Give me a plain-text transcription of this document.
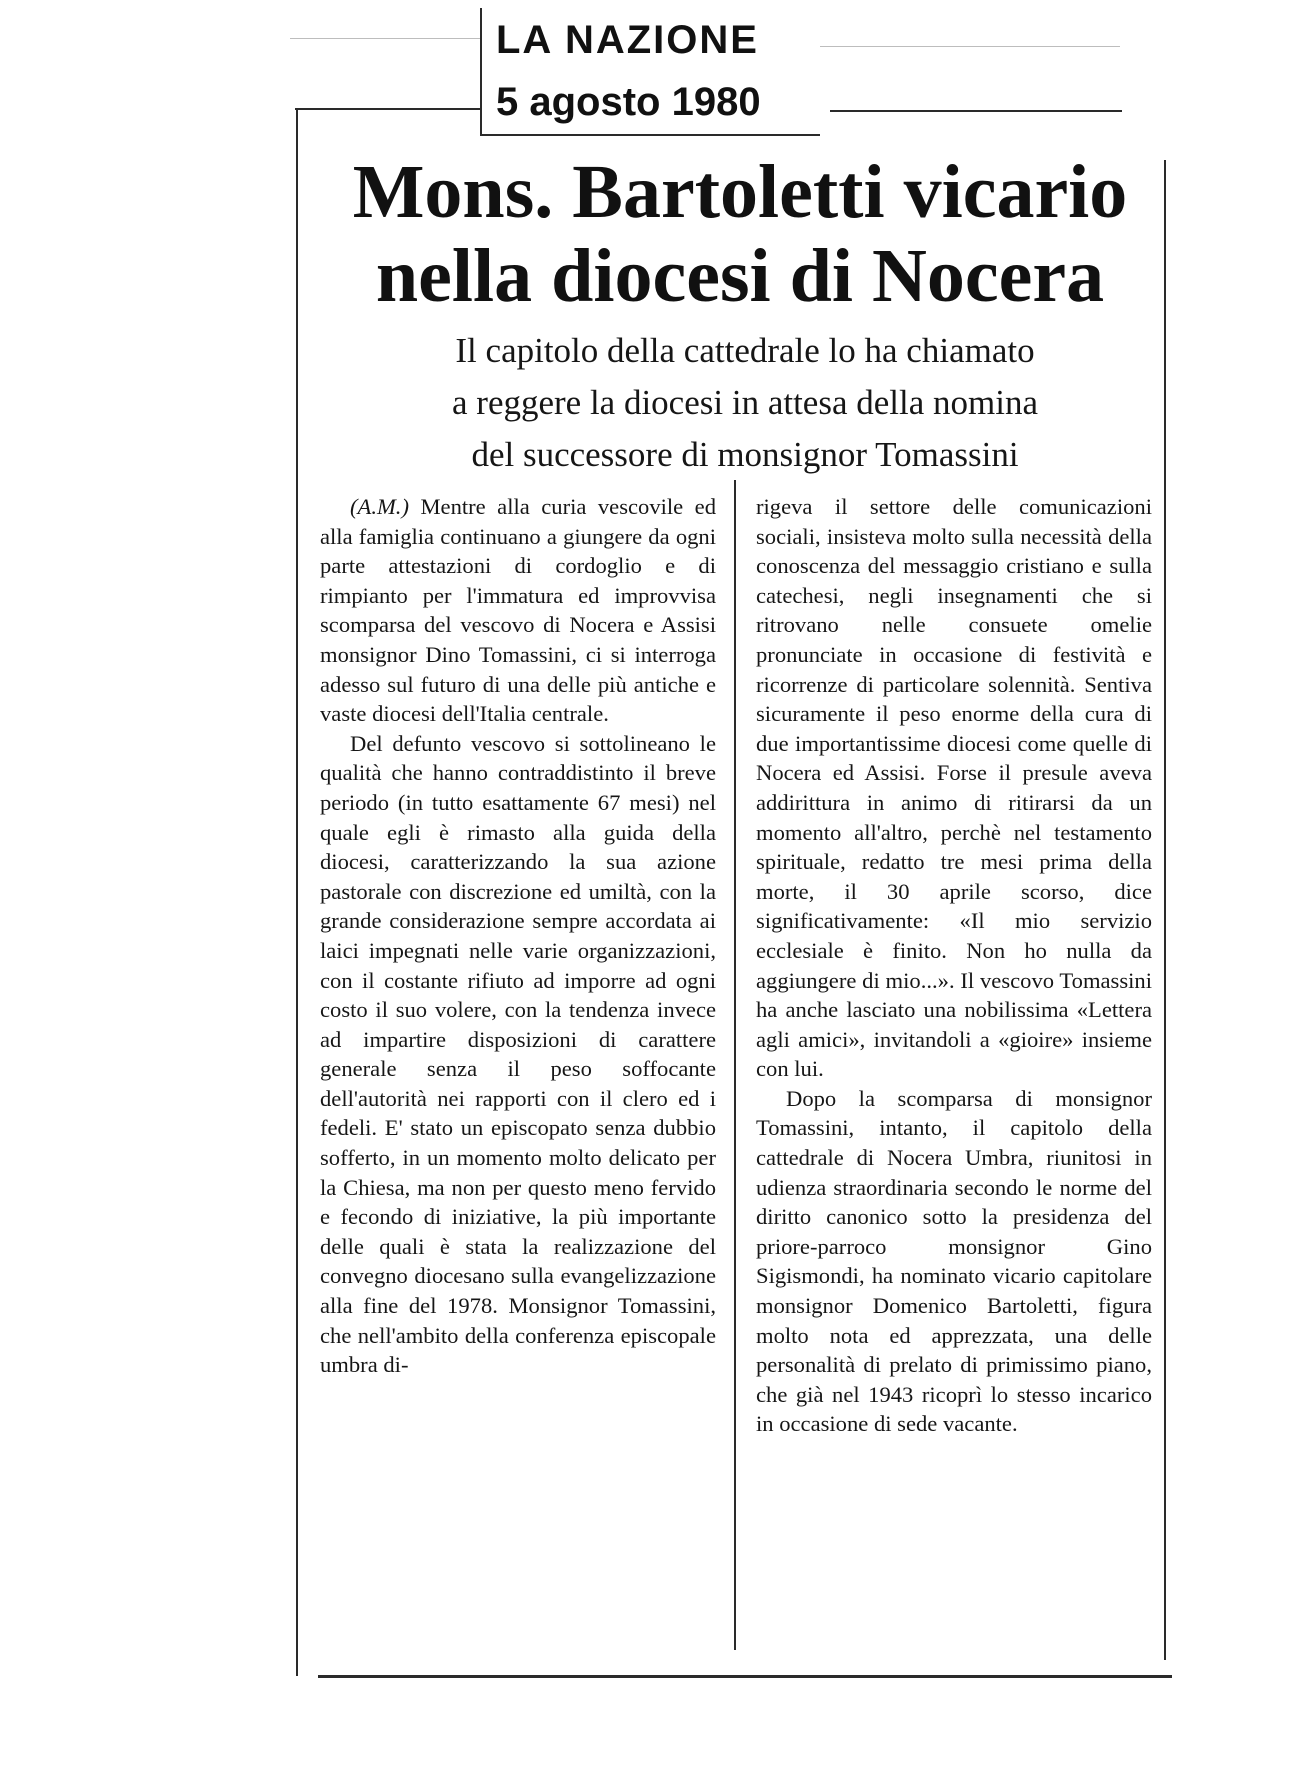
LA NAZIONE
5 agosto 1980
Mons. Bartoletti vicario nella diocesi di Nocera
Il capitolo della cattedrale lo ha chiamato
a reggere la diocesi in attesa della nomina
del successore di monsignor Tomassini

(A.M.) Mentre alla curia vescovile ed alla famiglia continuano a giungere da ogni parte attestazioni di cordoglio e di rimpianto per l'immatura ed improvvisa scomparsa del vescovo di Nocera e Assisi monsignor Dino Tomassini, ci si interroga adesso sul futuro di una delle più antiche e vaste diocesi dell'Italia centrale.

Del defunto vescovo si sottolineano le qualità che hanno contraddistinto il breve periodo (in tutto esattamente 67 mesi) nel quale egli è rimasto alla guida della diocesi, caratterizzando la sua azione pastorale con discrezione ed umiltà, con la grande considerazione sempre accordata ai laici impegnati nelle varie organizzazioni, con il costante rifiuto ad imporre ad ogni costo il suo volere, con la tendenza invece ad impartire disposizioni di carattere generale senza il peso soffocante dell'autorità nei rapporti con il clero ed i fedeli. E' stato un episcopato senza dubbio sofferto, in un momento molto delicato per la Chiesa, ma non per questo meno fervido e fecondo di iniziative, la più importante delle quali è stata la realizzazione del convegno diocesano sulla evangelizzazione alla fine del 1978. Monsignor Tomassini, che nell'ambito della conferenza episcopale umbra di-

rigeva il settore delle comunicazioni sociali, insisteva molto sulla necessità della conoscenza del messaggio cristiano e sulla catechesi, negli insegnamenti che si ritrovano nelle consuete omelie pronunciate in occasione di festività e ricorrenze di particolare solennità. Sentiva sicuramente il peso enorme della cura di due importantissime diocesi come quelle di Nocera ed Assisi. Forse il presule aveva addirittura in animo di ritirarsi da un momento all'altro, perchè nel testamento spirituale, redatto tre mesi prima della morte, il 30 aprile scorso, dice significativamente: «Il mio servizio ecclesiale è finito. Non ho nulla da aggiungere di mio...». Il vescovo Tomassini ha anche lasciato una nobilissima «Lettera agli amici», invitandoli a «gioire» insieme con lui.

Dopo la scomparsa di monsignor Tomassini, intanto, il capitolo della cattedrale di Nocera Umbra, riunitosi in udienza straordinaria secondo le norme del diritto canonico sotto la presidenza del priore-parroco monsignor Gino Sigismondi, ha nominato vicario capitolare monsignor Domenico Bartoletti, figura molto nota ed apprezzata, una delle personalità di prelato di primissimo piano, che già nel 1943 ricoprì lo stesso incarico in occasione di sede vacante.
